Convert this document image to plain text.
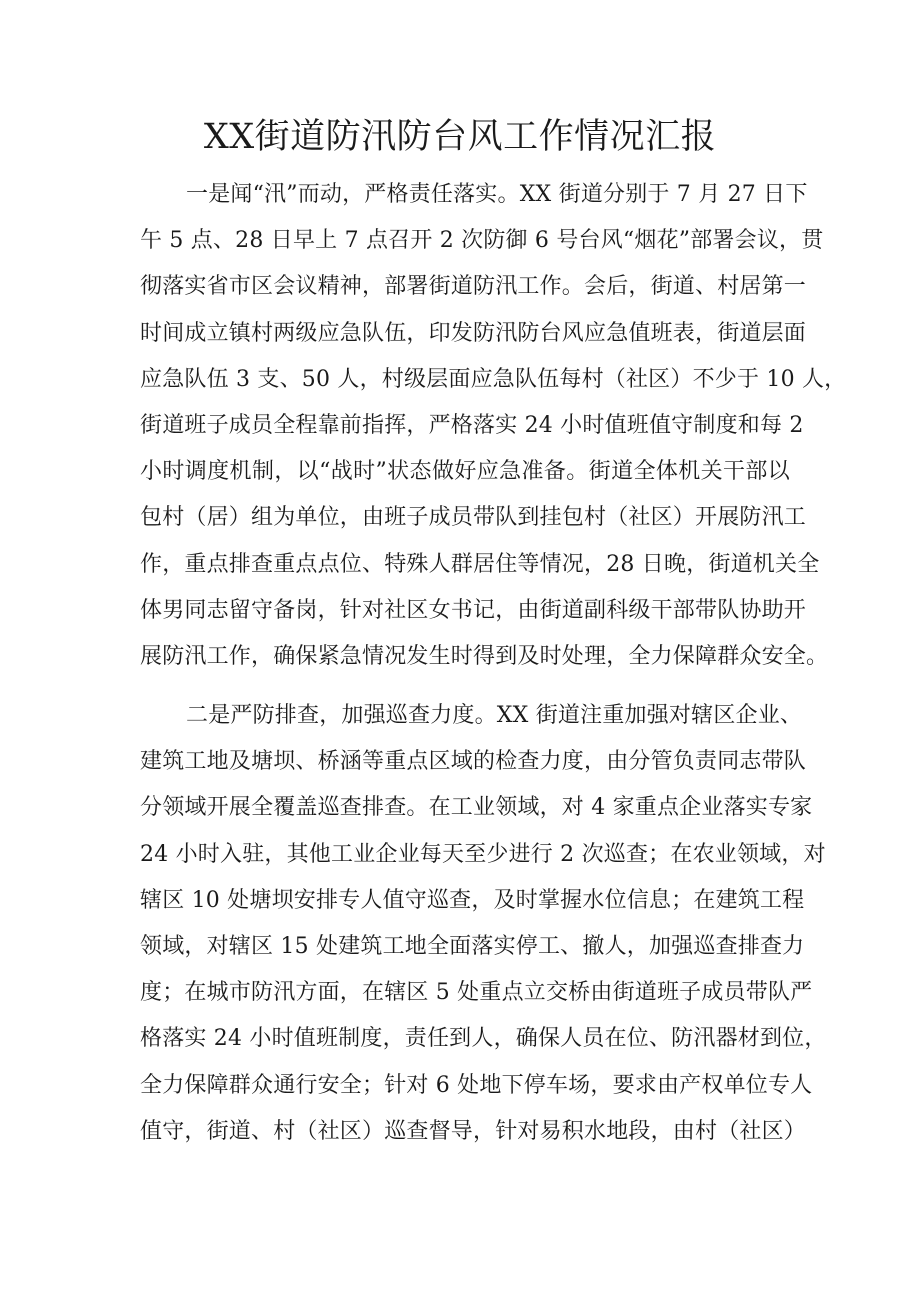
XX街道防汛防台风工作情况汇报
一是闻“汛”而动，严格责任落实。XX 街道分别于 7 月 27 日下
午 5 点、28 日早上 7 点召开 2 次防御 6 号台风“烟花”部署会议，贯
彻落实省市区会议精神，部署街道防汛工作。会后，街道、村居第一
时间成立镇村两级应急队伍，印发防汛防台风应急值班表，街道层面
应急队伍 3 支、50 人，村级层面应急队伍每村（社区）不少于 10 人，
街道班子成员全程靠前指挥，严格落实 24 小时值班值守制度和每 2
小时调度机制，以“战时”状态做好应急准备。街道全体机关干部以
包村（居）组为单位，由班子成员带队到挂包村（社区）开展防汛工
作，重点排查重点点位、特殊人群居住等情况，28 日晚，街道机关全
体男同志留守备岗，针对社区女书记，由街道副科级干部带队协助开
展防汛工作，确保紧急情况发生时得到及时处理，全力保障群众安全。
二是严防排查，加强巡查力度。XX 街道注重加强对辖区企业、
建筑工地及塘坝、桥涵等重点区域的检查力度，由分管负责同志带队
分领域开展全覆盖巡查排查。在工业领域，对 4 家重点企业落实专家
24 小时入驻，其他工业企业每天至少进行 2 次巡查；在农业领域，对
辖区 10 处塘坝安排专人值守巡查，及时掌握水位信息；在建筑工程
领域，对辖区 15 处建筑工地全面落实停工、撤人，加强巡查排查力
度；在城市防汛方面，在辖区 5 处重点立交桥由街道班子成员带队严
格落实 24 小时值班制度，责任到人，确保人员在位、防汛器材到位，
全力保障群众通行安全；针对 6 处地下停车场，要求由产权单位专人
值守，街道、村（社区）巡查督导，针对易积水地段，由村（社区）
